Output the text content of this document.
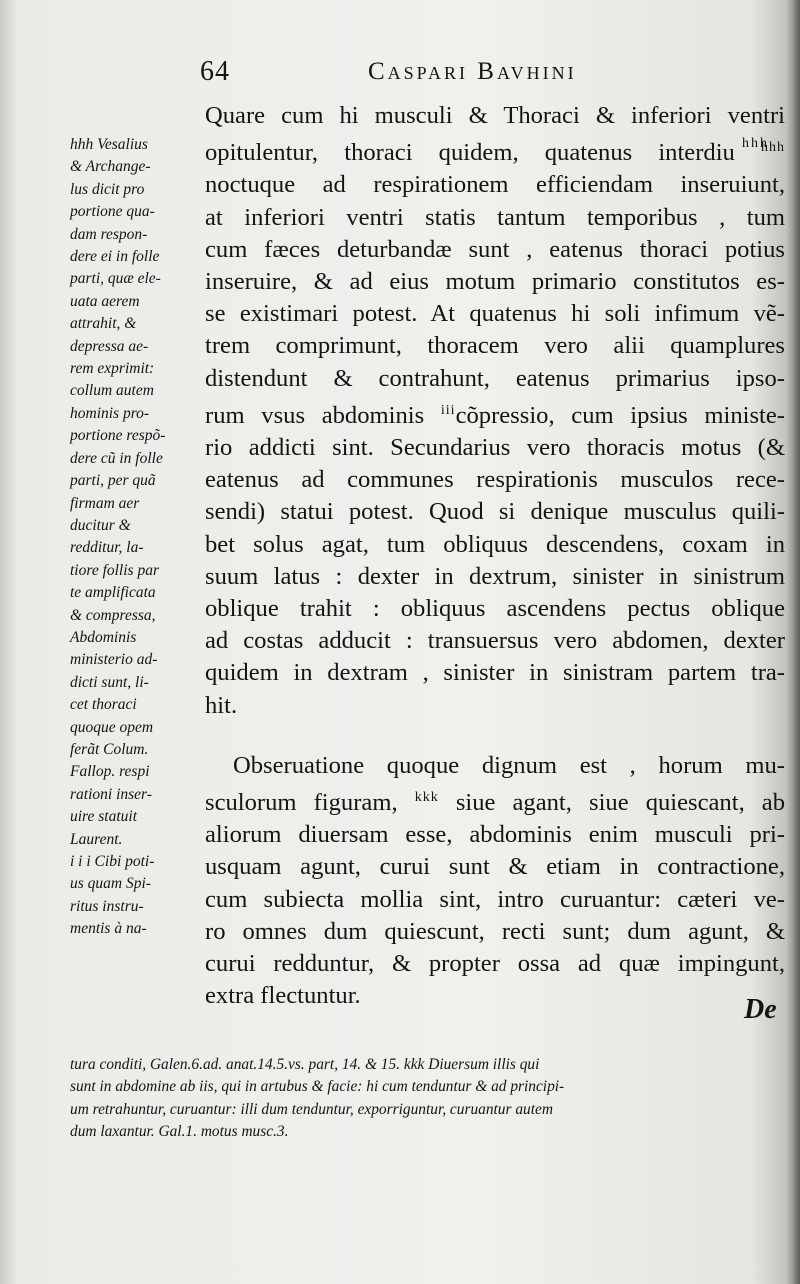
64	Caspari Bavhini
Quare cum hi musculi & Thoraci & inferiori ventri
opitulentur, thoraci quidem, quatenus interdiu $^{hhh}$
noctuque ad respirationem efficiendam inseruiunt,
at inferiori ventri statis tantum temporibus , tum
cum fæces deturbandæ sunt , eatenus thoraci potius
inseruire, & ad eius motum primario constitutos es-
se existimari potest. At quatenus hi soli infimum vẽ-
trem comprimunt, thoracem vero alii quamplures
distendunt & contrahunt, eatenus primarius ipso-
rum vsus abdominis $^{iii}$cõpressio, cum ipsius ministe-
rio addicti sint. Secundarius vero thoracis motus (&
eatenus ad communes respirationis musculos rece-
sendi) statui potest. Quod si denique musculus quili-
bet solus agat, tum obliquus descendens, coxam in
suum latus : dexter in dextrum, sinister in sinistrum
oblique trahit : obliquus ascendens pectus oblique
ad costas adducit : transuersus vero abdomen, dexter
quidem in dextram , sinister in sinistram partem tra-
hit.
Obseruatione quoque dignum est , horum mu-
sculorum figuram, $^{kkk}$ siue agant, siue quiescant, ab
aliorum diuersam esse, abdominis enim musculi pri-
usquam agunt, curui sunt & etiam in contractione,
cum subiecta mollia sint, intro curuantur: cæteri ve-
ro omnes dum quiescunt, recti sunt; dum agunt, &
curui redduntur, & propter ossa ad quæ impingunt,
extra flectuntur.
hhh Vesalius
& Archange-
lus dicit pro
portione qua-
dam respon-
dere ei in folle
parti, quæ ele-
uata aerem
attrahit, &
depressa ae-
rem exprimit:
collum autem
hominis pro-
portione respõ-
dere cũ in folle
parti, per quã
firmam aer
ducitur &
redditur, la-
tiore follis par
te amplificata
& compressa,
Abdominis
ministerio ad-
dicti sunt, li-
cet thoraci
quoque opem
ferãt Colum.
Fallop. respi
rationi inser-
uire statuit
Laurent.
i i i Cibi poti-
us quam Spi-
ritus instru-
mentis à na-
hhh
De
tura conditi, Galen.6.ad. anat.14.5.vs. part, 14. & 15. kkk Diuersum illis qui
sunt in abdomine ab iis, qui in artubus & facie: hi cum tenduntur & ad principi-
um retrahuntur, curuantur: illi dum tenduntur, exporriguntur, curuantur autem
dum laxantur. Gal.1. motus musc.3.
